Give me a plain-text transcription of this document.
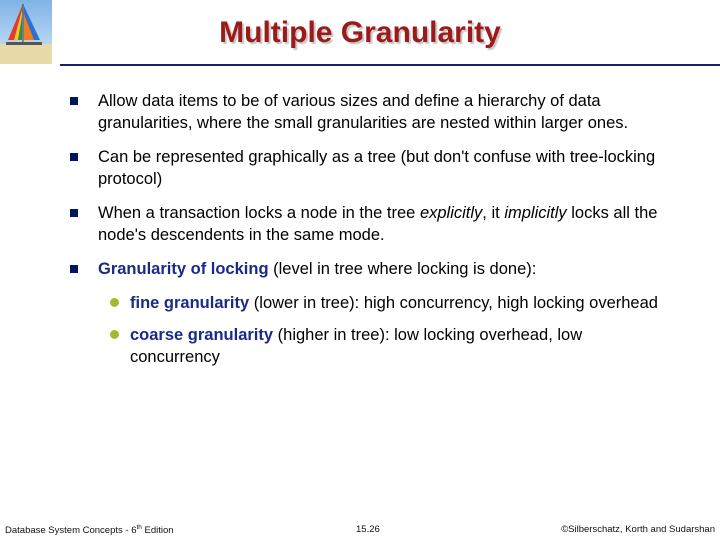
Multiple Granularity
Allow data items to be of various sizes and define a hierarchy of data granularities, where the small granularities are nested within larger ones.
Can be represented graphically as a tree (but don't confuse with tree-locking protocol)
When a transaction locks a node in the tree explicitly, it implicitly locks all the node's descendents in the same mode.
Granularity of locking (level in tree where locking is done):
fine granularity (lower in tree): high concurrency, high locking overhead
coarse granularity (higher in tree): low locking overhead, low concurrency
Database System Concepts - 6th Edition	15.26	©Silberschatz, Korth and Sudarshan
